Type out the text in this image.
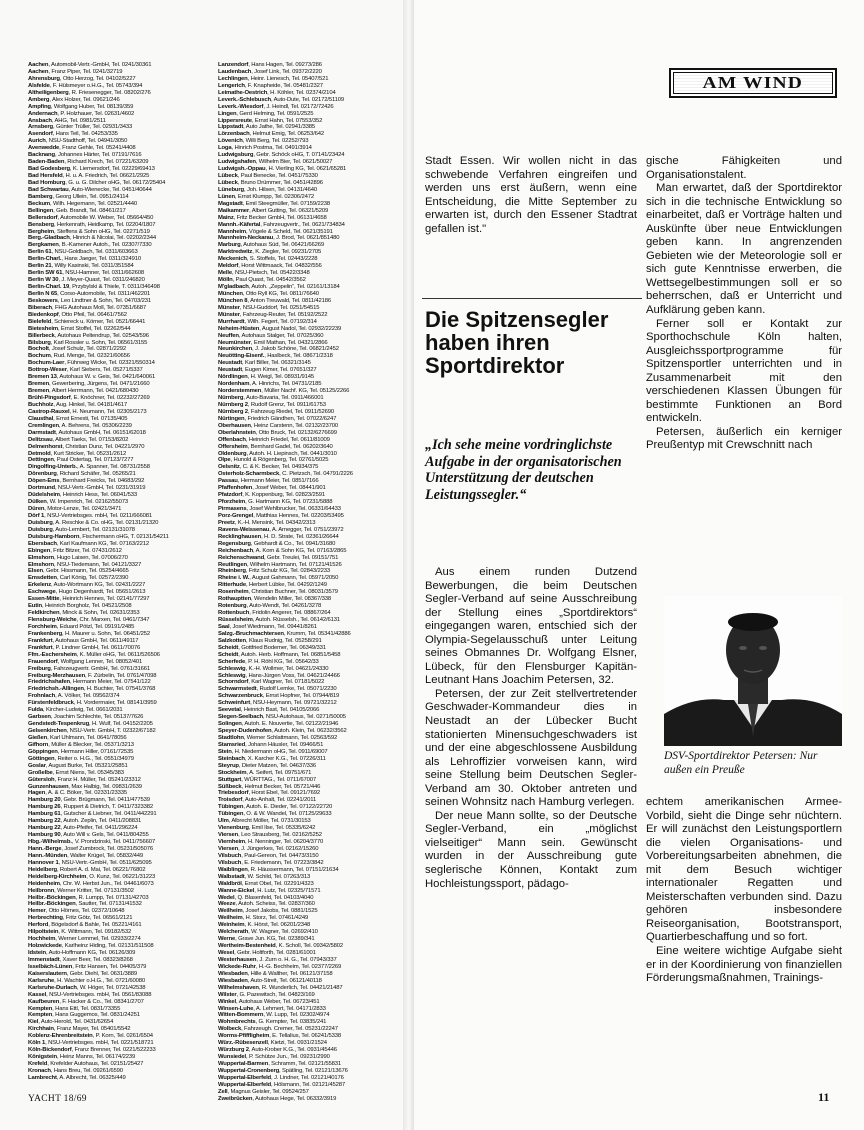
Aachen, Automobil-Vertr.-GmbH, Tel. 0241/30361
Aachen, Franz Piper, Tel. 0241/32719
Ahrensburg, Otto Herzog, Tel. 04102/5227
Alsfelde, F. Hülsmeyer o.H.G., Tel. 05743/394
Altheiligenberg, R. Friesenegger, Tel. 08202/276
Amberg, Alex Holzer, Tel. 09621/246
Ampfing, Wolfgang Huber, Tel. 08139/359
Andernach, P. Holzhauer, Tel. 02631/4602
Ansbach, AHG, Tel. 0981/2511
Arnsberg, Günter Trüller, Tel. 02931/3433
Asendorf, Hans Teil, Tel. 04253/335
Aurich, NSU-Stadthoff, Tel. 04941/3050
Avenwedde, Franz Gehle, Tel. 05241/4408
Backnang, Johannes Härter, Tel. 07191/7616
Baden-Baden, Richard Krech, Tel. 07221/63209
Bad Godesberg, K. Liemersdorf, Tel. 02229/69413
Bad Hersfeld, H. u. A. Friedrich, Tel. 06621/2925
Bad Homburg, G. u. G. Dilcher oHG, Tel. 06172/25404
Bad Schwartau, Auto-Wienecke, Tel. 0451/40644
Bamberg, Georg Ullein, Tel. 0951/24114
Beckum, Wilh. Hegemann, Tel. 02521/4440
Bellingen, Geb. Brandt, Tel. 08461/217
Bellersdorf, Automobile W. Weber, Tel. 05664/450
Bensberg, Herkenrath, Heidkamp, Tel. 02204/1807
Bergheim, Steffens & Sohn oHG, Tel. 02271/519
Berg.-Gladbach, Hinrich & Nicolai, Tel. 02202/2344
Bergkamen, B.-Kamener Autoh., Tel. 02307/7330
Berlin 61, NSU-Goldbach, Tel. 0311/603663
Berlin-Charl., Hans Jaeger, Tel. 0311/324910
Berlin 21, Willy Kasinski, Tel. 0311/351584
Berlin SW 61, NSU-Hamner, Tel. 0311/662608
Berlin W 30, J. Meyer-Quast, Tel. 0311/246820
Berlin-Charl. 19, Przybylski & Thiele, T. 0311/346498
Berlin N 65, Corso-Automobile, Tel. 0311/462201
Beskowers, Leo Lindtner & Sohn, Tel. 04703/231
Biberach, FHG Autohaus Moll, Tel. 07351/6687
Biedenkopf, Otto Pfeil, Tel. 06461/7562
Bielefeld, Schiereck u. Körner, Tel. 0521/66441
Bietesheim, Ernst Stoffel, Tel. 02262/544
Billerbeck, Autohaus Peltendrup, Tel. 02543/596
Bilsburg, Karl Rossler u. Sohn, Tel. 06561/3155
Bocholt, Josef Schulz, Tel. 02871/2292
Bochum, Rud. Menge, Tel. 02321/60656
Bochum-Laer, Führweg Wicke, Tel. 02321/550314
Bottrop-Weser, Karl Siebers, Tel. 05271/5337
Bremen 13, Autohaus W. v. Geis, Tel. 0421/640061
Bremen, Gewerbering, Jürgens, Tel. 0471/21660
Bremen, Albert Herrmann, Tel. 0421/680430
Brühl-Pingsdorf, E. Knöchner, Tel. 02232/27269
Buchholz, Aug. Hinkel, Tel. 04181/4617
Castrop-Rauxel, H. Neumann, Tel. 02305/2173
Clausthal, Ernst Ernesti, Tel. 07135/405
Cremlingen, A. Behrens, Tel. 05306/2239
Darmstadt, Autohaus GmbH, Tel. 06151/62018
Delitzsau, Albert Taeks, Tel. 07153/8202
Delmenhorst, Christian Dunz, Tel. 04221/2970
Detmold, Kurt Stricker, Tel. 05231/2612
Dettingen, Paul Ostertag, Tel. 07123/7277
Dingolfing-Unterb., A. Spanner, Tel. 08731/2558
Dörenburg, Richard Schäfer, Tel. 05265/21
Döpen-Ems, Bernhard Freicks, Tel. 04683/292
Dortmund, NSU-Vertr.-GmbH, Tel. 0231/31919
Düdelsheim, Heinrich Hess, Tel. 06041/533
Dülken, W. Impenrich, Tel. 02162/55073
Düren, Motor-Lenze, Tel. 02421/3471
Dörf 1, NSU-Vertriebsges. mbH, Tel. 0211/666081
Duisburg, A. Reschke & Co. oHG, Tel. 02131/21320
Duisburg, Auto-Lembert, Tel. 02131/31078
Duisburg-Hamborn, Fischermann oHG, T. 02131/54211
Ebersbach, Karl Kaufmann KG, Tel. 07163/2212
Ebingen, Fritz Bitzer, Tel. 07431/2612
Elmshorn, Hugo Laisen, Tel. 07006/270
Elmshorn, NSU-Tiedemann, Tel. 04121/3327
Elsen, Gebr. Hissmann, Tel. 05254/4665
Emsdetten, Carl König, Tel. 02572/2390
Erkelenz, Auto-Wortmann KG, Tel. 02431/2227
Eschwege, Hugo Degenhardt, Tel. 05651/2613
Essen-Mitte, Heinrich Hennes, Tel. 02141/77297
Eutin, Heinrich Borgholz, Tel. 04521/2508
Feldkirchen, Minck & Sohn, Tel. 02631/2353
Flensburg-Weiche, Chr. Marxen, Tel. 0461/7347
Forchheim, Eduard Pötzl, Tel. 09191/2485
Frankenberg, H. Maurer u. Sohn, Tel. 06451/252
Frankfurt, Autohaus GmbH, Tel. 0611/49117
Frankfurt, P. Lindner GmbH, Tel. 0611/70076
Ffm.-Eschersheim, K. Müller oHG, Tel. 0611/526506
Frauendorf, Wolfgang Lenner, Tel. 08052/401
Freiburg, Fahrzeugvertr. GmbH, Tel. 0761/31661
Freiburg-Merzhausen, F. Zürbelin, Tel. 0761/47098
Friedrichshafen, Hermann Meier, Tel. 07541/122
Friedrichsh.-Allingen, H. Buchter, Tel. 07541/3768
Frohnlach, A. Völker, Tel. 09562/374
Fürstenfeldbruck, H. Vorderrnaier, Tel. 08141/3959
Fulda, Kircher-Ludwig, Tel. 0661/2031
Garbsen, Joachim Schlechte, Tel. 05137/7626
Gendstedt-Tespenkrug, H. Wulf, Tel. 04152/2205
Gelsenkirchen, NSU-Vertr. GmbH, T. 02322/67182
Gießen, Karl Uhlmann, Tel. 0641/78056
Gifhorn, Müller & Blecker, Tel. 05371/3213
Göppingen, Hermann Hiller, 07161/72535
Göttingen, Reiter o. H.G., Tel. 0551/34979
Goslar, August Burke, Tel. 05321/25851
Großelbe, Ernst Niens, Tel. 05345/383
Gütersloh, Franz H. Müller, Tel. 05241/23312
Gunzenhausen, Max Halbig, Tel. 09831/2639
Hagen, A. & C. Böker, Tel. 02331/23335
Hamburg 20, Gebr. Brügmann, Tel. 0411/477539
Hamburg 26, Ruppert & Dietrich, T. 0411/7323382
Hamburg 61, Gutscher & Liebner, Tel. 0411/442291
Hamburg 22, Autoh. Zeplin, Tel. 0411/208831
Hamburg 22, Auto-Pfeifer, Tel. 0411/296224
Hamburg 90, Auto Will v. Gels, Tel. 0411/804255
Hbg.-Wilhelmsb., V. Prondzinski, Tel. 0411/756607
Hann.-Berge, Josef Zumbrock, Tel. 05231/505076
Hann.-Münden, Walter Krügel, Tel. 05832/449
Hannover 1, NSU-Vertr.-GmbH, Tel. 0511/625095
Heidelberg, Robert A. d. Mai, Tel. 06221/76802
Heidelberg-Kirchheim, O. Kunz, Tel. 06221/31223
Heidenheim, Chr. W. Herbst Jun., Tel. 04461/6073
Heilbronn, Werner Kritter, Tel. 07131/3502
Heilbr.-Böckingen, R. Lumpp, Tel. 07131/42703
Heilbr.-Böckingen, Sautter, Tel. 07131/41532
Hemer, Otto Hörnes, Tel. 02372/10648
Herbrechting, Fritz Götz, Tel. 06561/2121
Herford, Bögelsdorf & Bahle, Tel. 05221/4161
Hilpoltstein, K. Wittmann, Tel. 09182/532
Hochheim, Werner Lemmel, Tel. 02933/2274
Holzwickede, Karlheinz Hiding, Tel. 02131/511508
Idstein, Auto-Hoffmann KG, Tel. 06126/309
Immenstadt, Xaver Beer, Tel. 08323/8268
Isselbäch-Lünen, Fritz Hansen, Tel. 04405/379
Kaiserslautern, Gebr. Diehl, Tel. 0631/3889
Karlsruhe, H. Wachter o.H.G., Tel. 0721/60080
Karlsruhe-Durlach, W. Höger, Tel. 0721/42538
Kassel, NSU-Vertriebsges. mbH, Tel. 0561/83088
Kaufbeuren, F. Hacker & Co., Tel. 08341/2707
Kempten, Hans Ettl, Tel. 0831/73355
Kempten, Hans Guggemos, Tel. 0831/24251
Kiel, Auto-Herold, Tel. 0431/62654
Kirchhain, Franz Mayer, Tel. 05401/5542
Koblenz-Ehrenbreitstein, P. Korn, Tel. 0261/6504
Köln 1, NSU-Vertriebsges. mbH, Tel. 0221/518721
Köln-Bickendorf, Franz Brenner, Tel. 0221/522233
Königstein, Heinz Manns, Tel. 06174/2239
Krefeld, Krefelder Autohaus, Tel. 02151/25427
Kronach, Hans Breu, Tel. 09261/6590
Lambrecht, A. Albrecht, Tel. 06325/449
Lanzendorf, Hans Hagen, Tel. 09273/286
Laudenbach, Josef Link, Tel. 09372/2220
Lechlingen, Heinr. Lienesch, Tel. 05407/521
Lengerich, F. Knapheide, Tel. 05481/2327
Leimathe-Oestrich, H. Köhler, Tel. 02374/2104
Leverk.-Schlebusch, Auto-Dute, Tel. 02172/51109
Leverk.-Wiesdorf, J. Heindl, Tel. 02172/72426
Lingen, Gerd Helming, Tel. 0591/2525
Lippersreute, Ernst Hahn, Tel. 07553/352
Lippstadt, Auto Jathe, Tel. 02941/3385
Lörzenbach, Helmut Emig, Tel. 06253/642
Lövenich, Willi Berg, Tel. 02252/793
Loga, Hinrich Postma, Tel. 0491/3914
Ludwigsburg, Gebr. Schöck oHG, T. 07141/23424
Ludwigshafen, Wilhelm Bier, Tel. 0621/50027
Ludwigsh.-Oppau, H. Vierling KG, Tel. 0621/65281
Lübeck, Paul Benecke, Tel. 0451/75330
Lübeck, Bruno Drümmer, Tel. 0451/42896
Lüneburg, Joh. Hilsen, Tel. 04131/4640
Lünen, Ernst Klumpp, Tel. 02306/2472
Magstadt, Emil Steegmüller, Tel. 07159/2238
Maikammer, Albert Gutting, Tel. 06321/5209
Mainz, Fritz Becker GmbH, Tel. 06131/4658
Mannh.-Käfertal, Fahrzeugvertr., Tel. 0621/734834
Mannheim, Vögele & Scheld, Tel. 0621/35191
Mannheim-Neckarau, J. Brod, Tel. 0621/851480
Marburg, Autohaus Süd, Tel. 06421/66269
Marktredwitz, K. Ziegler, Tel. 09231/2705
Meckenich, S. Stoffels, Tel. 02443/2228
Meldorf, Horst Wittmaack, Tel. 04832/556
Melle, NSU-Pietsch, Tel. 05422/3348
Mölln, Paul Quast, Tel. 04542/3562
M'gladbach, Autoh. „Zeppelin“, Tel. 02161/13184
München, Otto Ryll KG, Tel. 0811/76640
München 8, Anton Treuwald, Tel. 0811/42186
Münster, NSU-Guddorf, Tel. 0251/54515
Münster, Fahrzeug-Reuter, Tel. 05192/2522
Murrhardt, Wilh. Fegert, Tel. 07192/314
Neheim-Hüsten, August Nadol, Tel. 02932/22239
Neuffen, Autohaus Stalger, Tel. 07025/360
Neumünster, Emil Mathan, Tel. 04321/2866
Neunkirchen, J. Jakob Schöne, Tel. 06821/2452
Neuötting-Eisenf., Haslbeck, Tel. 08671/2318
Neustadt, Karl Biller, Tel. 06321/3145
Neustadt, Eugen Kimer, Tel. 07651/327
Nördlingen, H. Weigl, Tel. 08931/9145
Nordenham, A. Hinrichs, Tel. 04731/2185
Norderstemmen, Müller Nachf. KG, Tel. 05125/2266
Nürnberg, Auto-Bavaria, Tel. 0911/466001
Nürnberg 2, Rudolf Grenz, Tel. 0911/61753
Nürnberg 2, Fahrzeug Riedel, Tel. 0911/52690
Nürtingen, Friedrich Gändhen, Tel. 07022/6247
Oberhausen, Heinz Carstenn, Tel. 02132/23700
Oberlahnstein, Otto Bruck, Tel. 02132/6276699
Offenbach, Heinrich Friedel, Tel. 0611/81009
Offersheim, Bernhard Gadel, Tel. 06202/3640
Oldenburg, Autoh. H. Liepinsch, Tel. 0441/3010
Olpe, Hunold & Rögenberg, Tel. 02761/5025
Oelsnitz, C. & K. Becker, Tel. 04934/375
Osterholz-Scharmbeck, C. Pietzsch, Tel. 04791/2226
Passau, Hermann Meier, Tel. 0851/7166
Pfaffenhofen, Josef Weber, Tel. 08441/901
Pfatzdorf, K. Koppenburg, Tel. 02823/2591
Pforzheim, G. Hartmann KG, Tel. 07231/5888
Pirmasens, Josef Wehlbrucker, Tel. 06331/64433
Porz-Grengel, Matthias Hennes, Tel. 02203/53495
Preetz, K.-H. Mensink, Tel. 04342/2313
Ravens-Weissenau, A. Arnegger, Tel. 0751/23972
Recklinghausen, H. D. Strate, Tel. 02361/26644
Regensburg, Gebhardt & Co., Tel. 0941/31680
Reichenbach, A. Korn & Sohn KG, Tel. 07163/2865
Reichenschwand, Gebr. Treulei, Tel. 09151/751
Reutlingen, Wilhelm Hartmann, Tel. 07121/41526
Rheinberg, Fritz Schulz KG, Tel. 02843/2233
Rheine i. W., August Gahmann, Tel. 05971/2050
Ritterhude, Herbert Lübke, Tel. 04292/1249
Rosenheim, Christian Buchner, Tel. 08031/3579
Rothauptten, Wendelin Miller, Tel. 08367/338
Rotenburg, Auto-Wendt, Tel. 04261/3278
Rottenbuch, Fridolin Angerer, Tel. 08867/264
Rüsselsheim, Autoh. Rüsselsh., Tel. 06142/6131
Saal, Josef Wiedmann, Tel. 09441/8261
Salzg.-Bruchmachtersen, Krumm, Tel. 05341/42886
Salzkotten, Klaus Rudnig, Tel. 05258/291
Scheidt, Gottfried Bodemer, Tel. 06349/331
Scheidt, Autoh. Herb. Hoffmann, Tel. 06851/5458
Scherfede, P. H. Röhl KG, Tel. 05642/33
Schleswig, K.-H. Wollmer, Tel. 04621/24330
Schleswig, Hans-Jürgen Voss, Tel. 04621/24466
Schorndorf, Karl Wagner, Tel. 07181/5022
Schwarmstedt, Rudolf Lemke, Tel. 05071/2230
Schwarzenbruck, Ernst Hopfner, Tel. 07944/819
Schweinfurt, NSU-Heymann, Tel. 09721/32212
Seevetal, Heinrich Bast, Tel. 04105/2066
Siegen-Seelbach, NSU-Autohaus, Tel. 0271/50005
Solingen, Autoh. E. Nouvertie, Tel. 02122/21946
Speyer-Dudenhofen, Autoh. Klein, Tel. 06232/3562
Stadtlohn, Werner Schlattmann, Tel. 02563/592
Stamsried, Johann Häusler, Tel. 09466/51
Stein, H. Niedermann oHG, Tel. 0911/69007
Steinbach, X. Karcher K.G., Tel. 07226/311
Steyrup, Dieter Matzen, Tel. 04637/336
Stockheim, A. Seifert, Tel. 09751/671
Stuttgart, WÜRTTAG., Tel. 0711/67007
Süßbeck, Helmut Becker, Tel. 05721/446
Triebesdorf, Horst Ebel, Tel. 09121/7692
Troisdorf, Auto-Anhalt, Tel. 02241/2011
Tübingen, Autoh. E. Dieder, Tel. 07122/22720
Tübingen, O. & W. Wandel, Tel. 07125/29633
Ulm, Albrecht Möller, Tel. 0731/30153
Vienenburg, Emil Ilse, Tel. 05335/6242
Viersen, Leo Strausberg, Tel. 02162/5252
Viernheim, H. Nenninger, Tel. 06204/3770
Viersen, J. Jüngerkes, Tel. 02162/15260
Vilsbuch, Paul-Gereon, Tel. 04473/3150
Vilsbuch, E. Friedemann, Tel. 07223/3842
Waiblingen, R. Häussermann, Tel. 07151/21634
Walbstadt, W. Schild, Tel. 07263/313
Waldbröl, Ernst Obel, Tel. 02291/4323
Wanne-Eickel, H. Lutz, Tel. 02325/71571
Wedel, Q. Blasenfeld, Tel. 04103/4040
Weeze, Autoh. Scheiss, Tel. 02837/360
Weilheim, Josef Jakobs, Tel. 0881/1525
Weilheim, H. Storz, Tel. 07461/4249
Weinheim, K. Hörst, Tel. 06201/2348
Welcherath, W. Wagner, Tel. 02692/410
Werne, Grave Jun. KG, Tel. 02389/341
Wertheim-Bestenheid, K. Scholl, Tel. 09342/5802
Wesel, Gebr. Holtforth, Tel. 0281/61001
Westerhausen, J. Zurn o. H. G., Tel. 07943/337
Wickede-Ruhr, H.-G. Bechheim, Tel. 02377/2269
Wiesbaden, Hille & Walther, Tel. 06121/37158
Wiesbaden, Auto-Streit, Tel. 06121/40118
Wilhelmshaven, R. Wunderlich, Tel. 04421/21487
Wilster, G. Pazewitsch, Tel. 04823/169
Winkel, Autohaus Weber, Tel. 06723/451
Winsen-Luhe, A. Lehmert, Tel. 04171/2833
Witten-Bommern, W. Lupp, Tel. 02302/4974
Wohmbrechts, G. Kempter, Tel. 03835/241
Wolbeck, Fahrzeugh. Cremer, Tel. 05231/22247
Worms-Pfiffligheim, E. Tellalius, Tel. 06241/5338
Würz.-Rübesenzell, Kietzi, Tel. 0931/21524
Würzburg 2, Auto-Krober K.G., Tel. 0931/45446
Wunsiedel, P. Schütze Jun., Tel. 09231/2990
Wuppertal-Barmen, Schramm, Tel. 02121/55831
Wuppertal-Cronenberg, Spätling, Tel. 02121/13676
Wuppertal-Elberfeld, J. Lindner, Tel. 02121/40176
Wuppertal-Elberfeld, Hölsmann, Tel. 02121/45287
Zell, Magnus Geisler, Tel. 09524/257
Zweibrücken, Autohaus Hege, Tel. 06332/3919
YACHT 18/69
AM WIND

Stadt Essen. Wir wollen nicht in das schwebende Verfahren eingreifen und werden uns erst äußern, wenn eine Entscheidung, die Mitte September zu erwarten ist, durch den Essener Stadtrat gefallen ist."

Die Spitzensegler haben ihren Sportdirektor
„Ich sehe meine vordringlichste Aufgabe in der organisatorischen Unterstützung der deutschen Leistungssegler.“

Aus einem runden Dutzend Bewerbungen, die beim Deutschen Segler-Verband auf seine Ausschreibung der Stellung eines „Sportdirektors“ eingegangen waren, entschied sich der Olympia-Segelausschuß unter Leitung seines Obmannes Dr. Wolfgang Elsner, Lübeck, für den Flensburger Kapitän-Leutnant Hans Joachim Petersen, 32.

Petersen, der zur Zeit stellvertretender Geschwader-Kommandeur dies in Neustadt an der Lübecker Bucht stationierten Minensuchgeschwaders ist und der eine abgeschlossene Ausbildung als Lehroffizier vorweisen kann, wird seine Stellung beim Deutschen Segler-Verband am 30. Oktober antreten und seinen Wohnsitz nach Hamburg verlegen.

Der neue Mann sollte, so der Deutsche Segler-Verband, ein „möglichst vielseitiger“ Mann sein. Gewünscht wurden in der Ausschreibung gute seglerische Können, Kontakt zum Hochleistungssport, pädago-

gische Fähigkeiten und Organisationstalent.

Man erwartet, daß der Sportdirektor sich in die technische Entwicklung so einarbeitet, daß er Vorträge halten und Auskünfte über neue Entwicklungen geben kann. In angrenzenden Gebieten wie der Meteorologie soll er sich gute Kenntnisse erwerben, die Wettsegelbestimmungen soll er so beherrschen, daß er Unterricht und Aufklärung geben kann.

Ferner soll er Kontakt zur Sporthochschule Köln halten, Ausgleichssportprogramme für Spitzensportler unterrichten und in Zusammenarbeit mit den verschiedenen Klassen Übungen für bestimmte Funktionen an Bord entwickeln.

Petersen, äußerlich ein kerniger Preußentyp mit Crewschnitt nach

DSV-Sportdirektor Petersen: Nur außen ein Preuße

echtem amerikanischen Armee-Vorbild, sieht die Dinge sehr nüchtern. Er will zunächst den Leistungsportlern die vielen Organisations- und Vorbereitungsarbeiten abnehmen, die mit dem Besuch wichtiger internationaler Regatten und Meisterschaften verbunden sind. Dazu gehören insbesondere Reiseorganisation, Bootstransport, Quartierbeschaffung und so fort.

Eine weitere wichtige Aufgabe sieht er in der Koordinierung von finanziellen Förderungsmaßnahmen, Trainings-

11
